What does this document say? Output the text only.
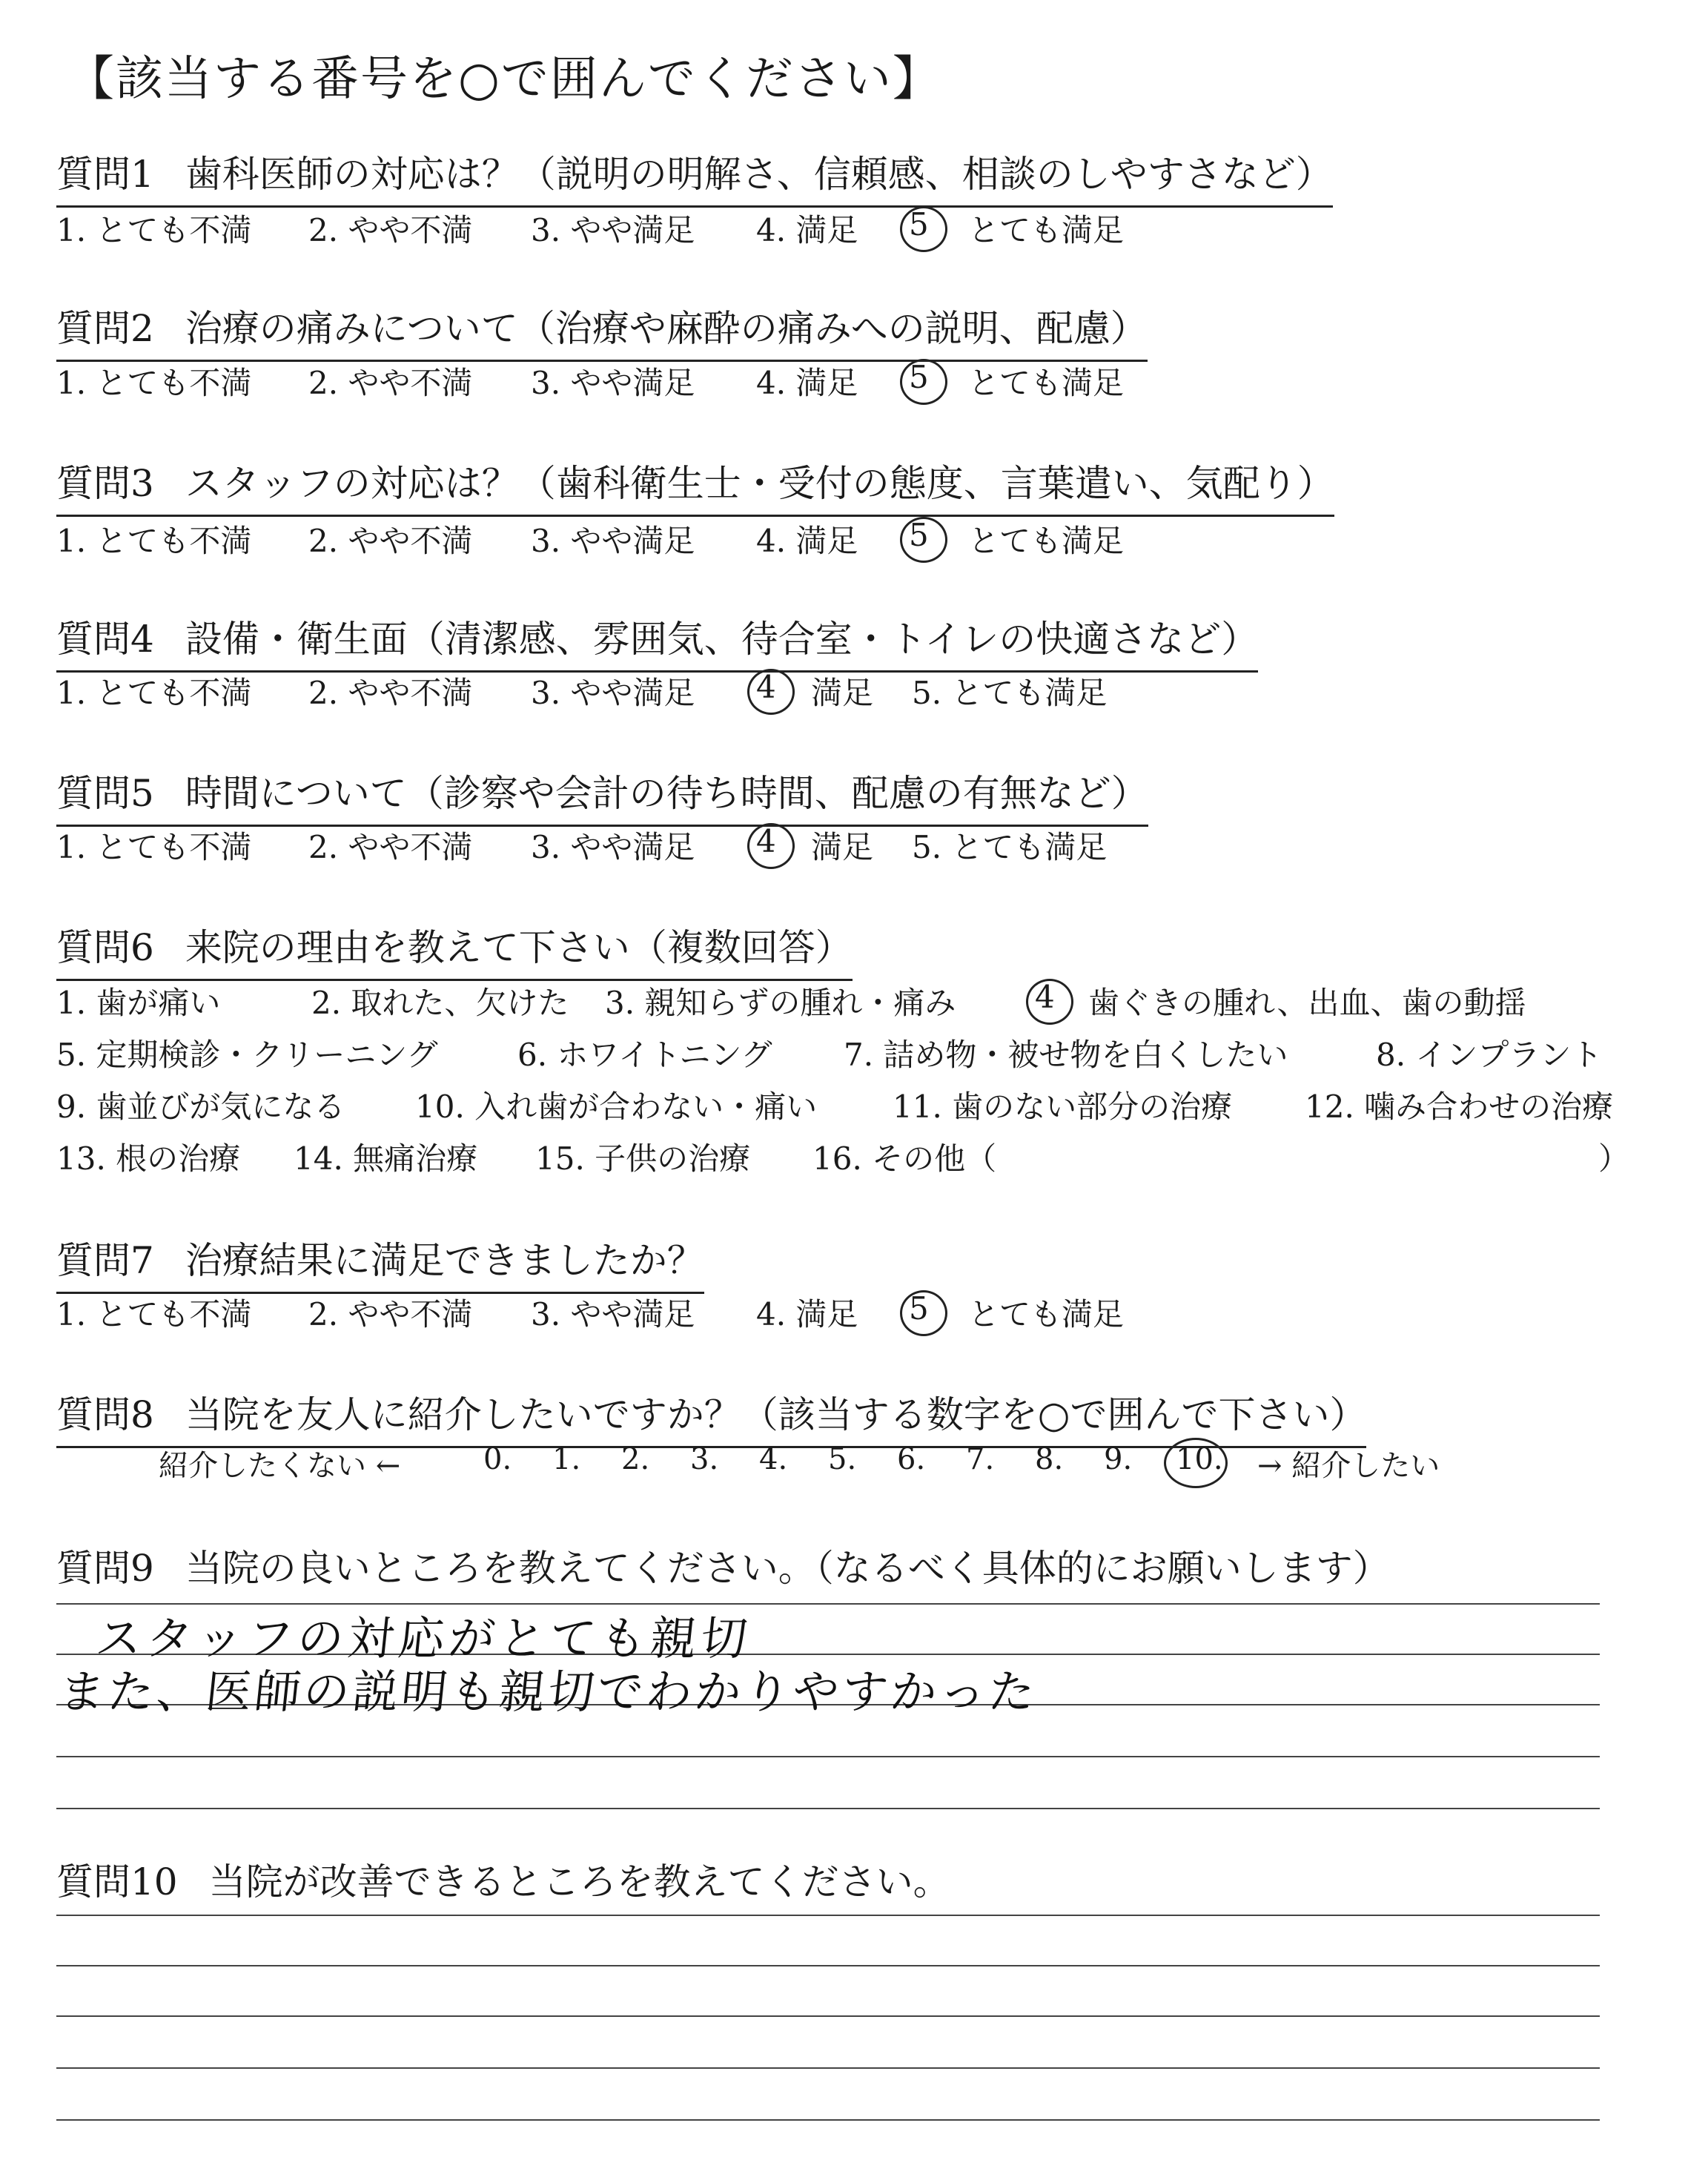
【該当する番号を○で囲んでください】
質問1 歯科医師の対応は？（説明の明解さ、信頼感、相談のしやすさなど）
1. とても不満 2. やや不満 3. やや満足 4. 満足 5 とても満足
質問2 治療の痛みについて（治療や麻酔の痛みへの説明、配慮）
1. とても不満 2. やや不満 3. やや満足 4. 満足 5 とても満足
質問3 スタッフの対応は？（歯科衛生士・受付の態度、言葉遣い、気配り）
1. とても不満 2. やや不満 3. やや満足 4. 満足 5 とても満足
質問4 設備・衛生面（清潔感、雰囲気、待合室・トイレの快適さなど）
1. とても不満 2. やや不満 3. やや満足 4 満足 5. とても満足
質問5 時間について（診察や会計の待ち時間、配慮の有無など）
1. とても不満 2. やや不満 3. やや満足 4 満足 5. とても満足
質問6 来院の理由を教えて下さい（複数回答）
1. 歯が痛い	2. 取れた、欠けた 3. 親知らずの腫れ・痛み	4 歯ぐきの腫れ、出血、歯の動揺
5. 定期検診・クリーニング	6. ホワイトニング 7. 詰め物・被せ物を白くしたい	8. インプラント
9. 歯並びが気になる 10. 入れ歯が合わない・痛い 11. 歯のない部分の治療 12. 噛み合わせの治療
13. 根の治療 14. 無痛治療 15. 子供の治療 16. その他（	）
質問7 治療結果に満足できましたか？
1. とても不満 2. やや不満 3. やや満足 4. 満足 5 とても満足
質問8 当院を友人に紹介したいですか？（該当する数字を○で囲んで下さい）
紹介したくない ←	0. 1. 2. 3. 4. 5. 6. 7. 8. 9. 10. → 紹介したい
質問9 当院の良いところを教えてください。（なるべく具体的にお願いします）
スタッフの対応がとても親切
また、医師の説明も親切でわかりやすかった
質問10 当院が改善できるところを教えてください。
